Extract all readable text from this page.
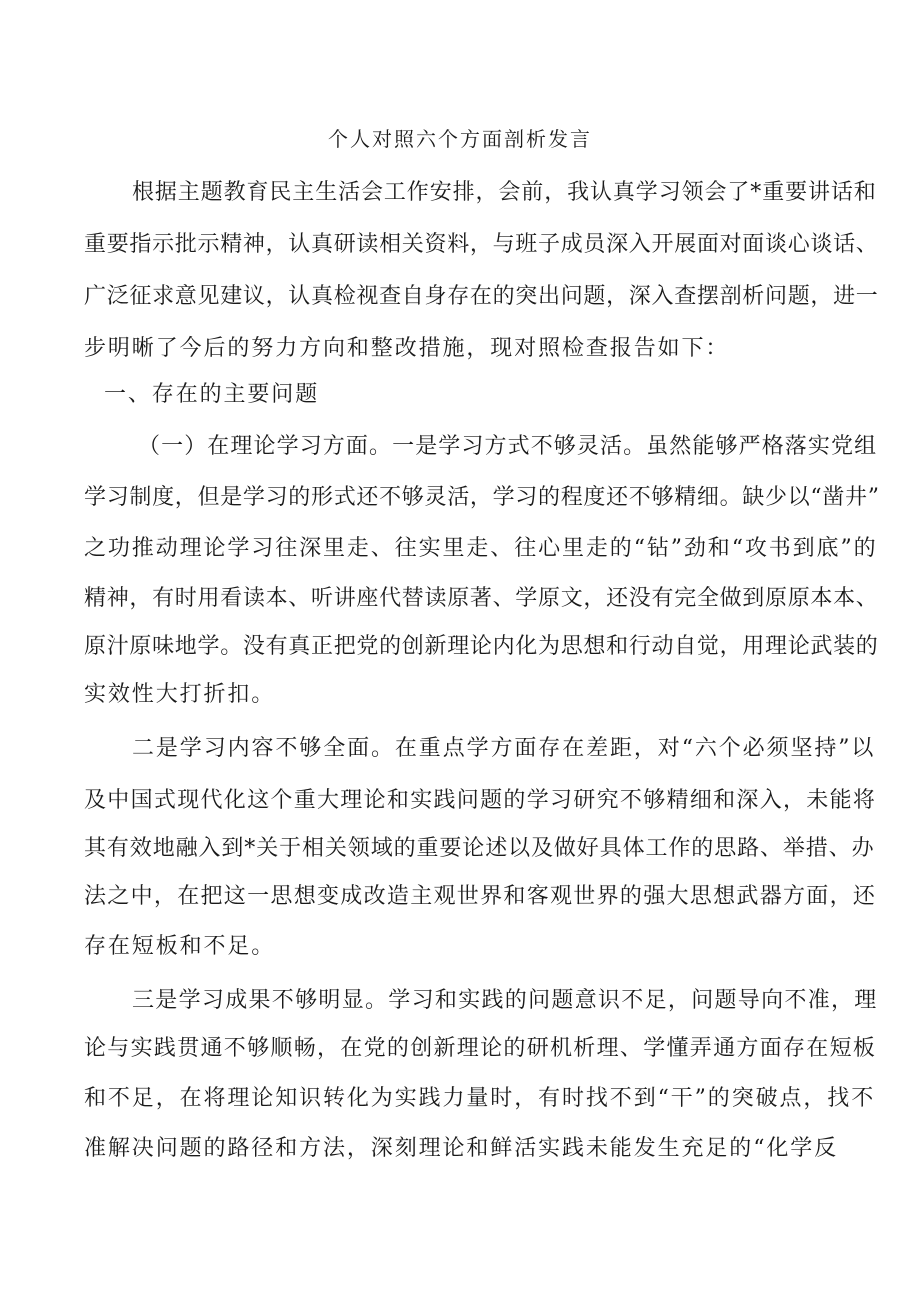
个人对照六个方面剖析发言

根据主题教育民主生活会工作安排，会前，我认真学习领会了*重要讲话和

重要指示批示精神，认真研读相关资料，与班子成员深入开展面对面谈心谈话、

广泛征求意见建议，认真检视查自身存在的突出问题，深入查摆剖析问题，进一

步明晰了今后的努力方向和整改措施，现对照检查报告如下：

一、存在的主要问题

（一）在理论学习方面。一是学习方式不够灵活。虽然能够严格落实党组

学习制度，但是学习的形式还不够灵活，学习的程度还不够精细。缺少以“凿井”

之功推动理论学习往深里走、往实里走、往心里走的“钻”劲和“攻书到底”的

精神，有时用看读本、听讲座代替读原著、学原文，还没有完全做到原原本本、

原汁原味地学。没有真正把党的创新理论内化为思想和行动自觉，用理论武装的

实效性大打折扣。

二是学习内容不够全面。在重点学方面存在差距，对“六个必须坚持”以

及中国式现代化这个重大理论和实践问题的学习研究不够精细和深入，未能将

其有效地融入到*关于相关领域的重要论述以及做好具体工作的思路、举措、办

法之中，在把这一思想变成改造主观世界和客观世界的强大思想武器方面，还

存在短板和不足。

三是学习成果不够明显。学习和实践的问题意识不足，问题导向不准，理

论与实践贯通不够顺畅，在党的创新理论的研机析理、学懂弄通方面存在短板

和不足，在将理论知识转化为实践力量时，有时找不到“干”的突破点，找不

准解决问题的路径和方法，深刻理论和鲜活实践未能发生充足的“化学反
